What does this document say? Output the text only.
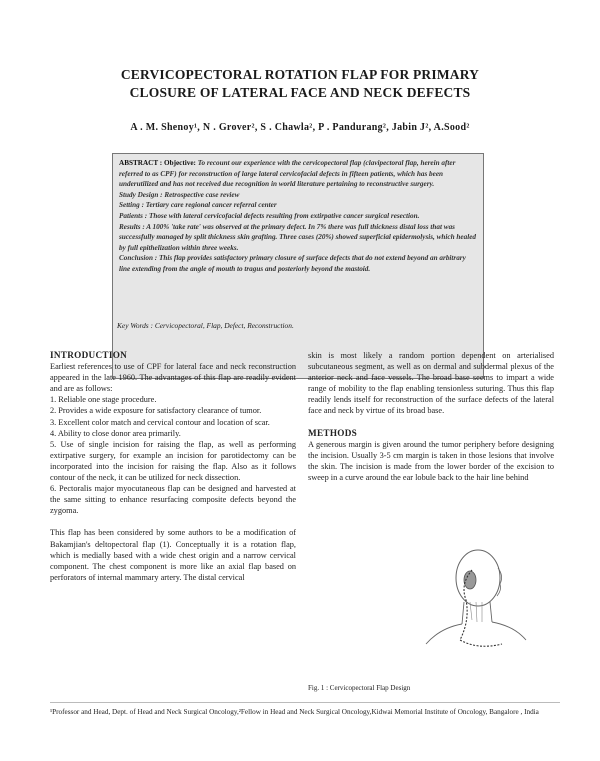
CERVICOPECTORAL ROTATION FLAP FOR PRIMARY
CLOSURE OF LATERAL FACE AND NECK DEFECTS
A . M. Shenoy¹, N . Grover², S . Chawla², P . Pandurang², Jabin J², A.Sood²

ABSTRACT : Objective: To recount our experience with the cervicopectoral flap (clavipectoral flap, herein after referred to as CPF) for reconstruction of large lateral cervicofacial defects in fifteen patients, which has been underutilized and has not received due recognition in world literature pertaining to reconstructive surgery.

Study Design : Retrospective case review

Setting : Tertiary care regional cancer referral center

Patients : Those with lateral cervicofacial defects resulting from extirpative cancer surgical resection.

Results : A 100% 'take rate' was observed at the primary defect. In 7% there was full thickness distal loss that was successfully managed by split thickness skin grafting. Three cases (20%) showed superficial epidermolysis, which healed by full epithelization within three weeks.

Conclusion : This flap provides satisfactory primary closure of surface defects that do not extend beyond an arbitrary line extending from the angle of mouth to tragus and posteriorly beyond the mastoid.

Key Words : Cervicopectoral, Flap, Defect, Reconstruction.
INTRODUCTION

Earliest references to use of CPF for lateral face and neck reconstruction appeared in the late 1960. The advantages of this flap are readily evident and are as follows:

1. Reliable one stage procedure.

2. Provides a wide exposure for satisfactory clearance of tumor.

3. Excellent color match and cervical contour and location of scar.

4. Ability to close donor area primarily.

5. Use of single incision for raising the flap, as well as performing extirpative surgery, for example an incision for parotidectomy can be incorporated into the incision for raising the flap. Also as it follows contour of the neck, it can be utilized for neck dissection.

6. Pectoralis major myocutaneous flap can be designed and harvested at the same sitting to enhance resurfacing composite defects beyond the zygoma.

This flap has been considered by some authors to be a modification of Bakamjian's deltopectoral flap (1). Conceptually it is a rotation flap, which is medially based with a wide chest origin and a narrow cervical component. The chest component is more like an axial flap based on perforators of internal mammary artery. The distal cervical

skin is most likely a random portion dependent on arterialised subcutaneous segment, as well as on dermal and subdermal plexus of the anterior neck and face vessels. The broad base seems to impart a wide range of mobility to the flap enabling tensionless suturing. Thus this flap readily lends itself for reconstruction of the surface defects of the lateral face and neck by virtue of its broad base.

METHODS

A generous margin is given around the tumor periphery before designing the incision. Usually 3-5 cm margin is taken in those lesions that involve the skin. The incision is made from the lower border of the excision to sweep in a curve around the ear lobule back to the hair line behind

Fig. 1 : Cervicopectoral Flap Design
¹Professor and Head, Dept. of Head and Neck Surgical Oncology,²Fellow in Head and Neck Surgical Oncology,Kidwai Memorial Institute of Oncology, Bangalore , India
